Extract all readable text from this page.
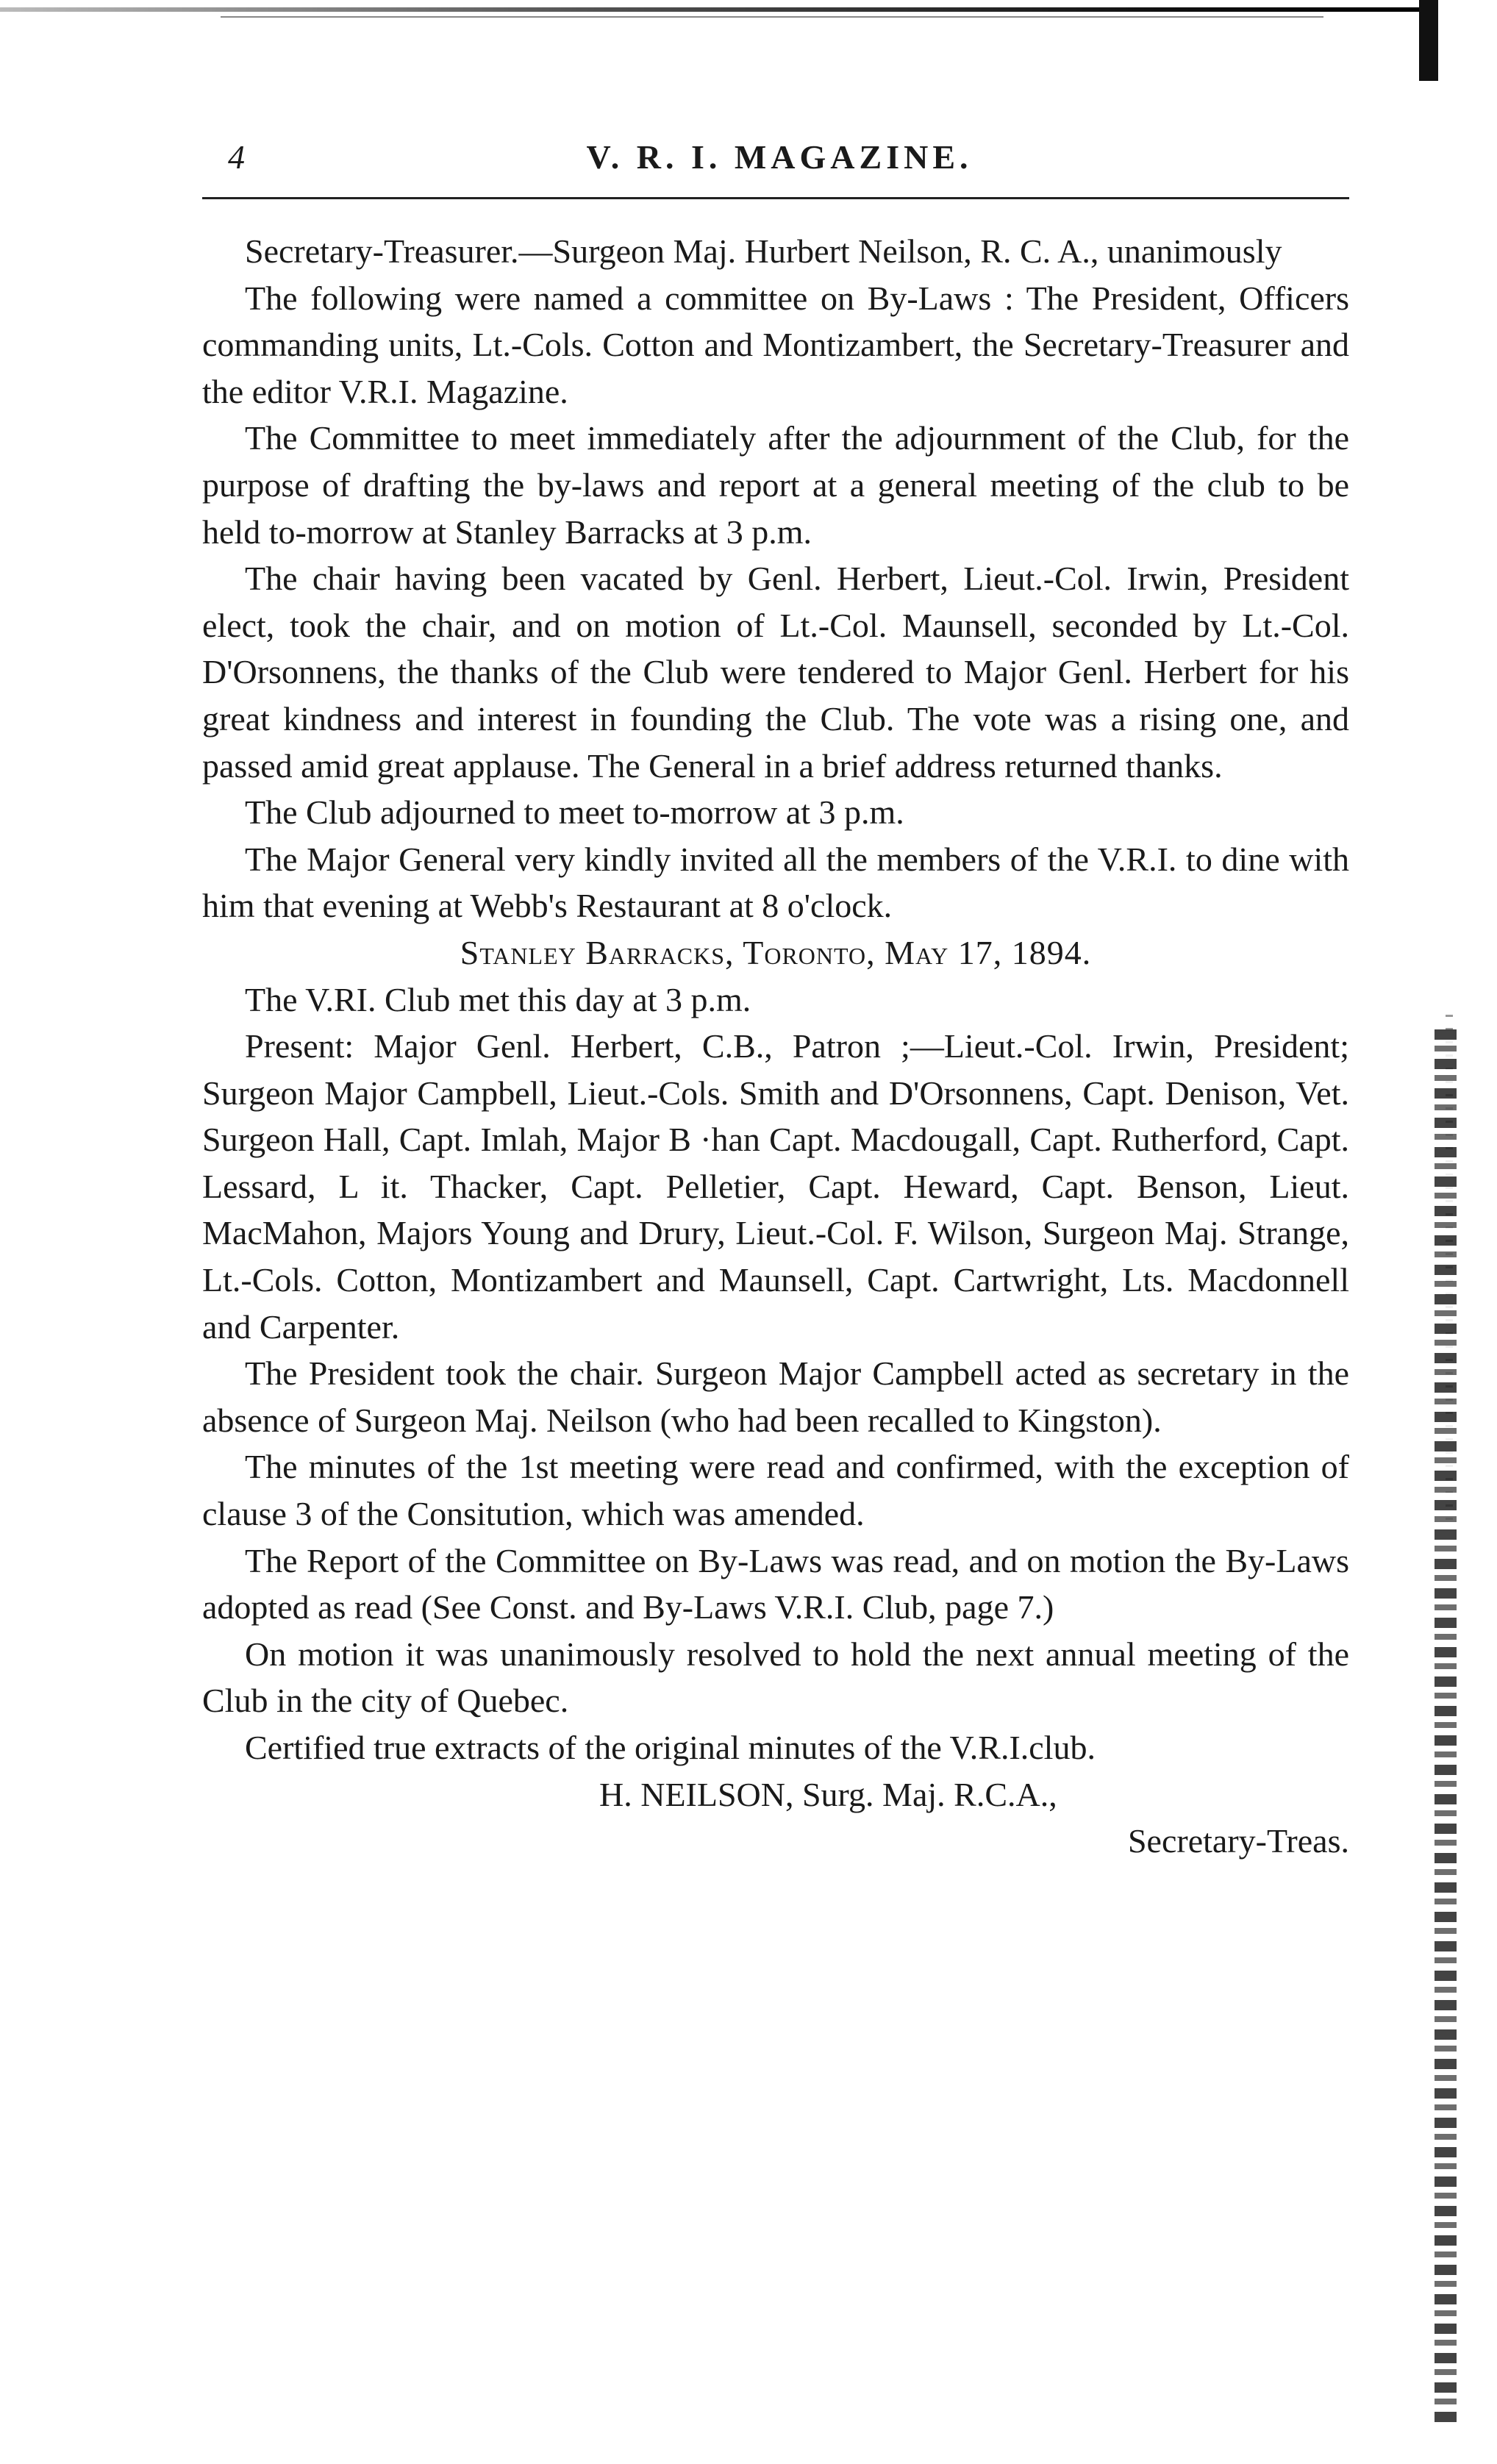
4	V. R. I. MAGAZINE.

Secretary-Treasurer.—Surgeon Maj. Hurbert Neilson, R. C. A., unanimously

The following were named a committee on By-Laws : The President, Officers commanding units, Lt.-Cols. Cotton and Montizambert, the Secretary-Treasurer and the editor V.R.I. Magazine.

The Committee to meet immediately after the adjournment of the Club, for the purpose of drafting the by-laws and report at a general meeting of the club to be held to-morrow at Stanley Barracks at 3 p.m.

The chair having been vacated by Genl. Herbert, Lieut.-Col. Irwin, President elect, took the chair, and on motion of Lt.-Col. Maunsell, seconded by Lt.-Col. D'Orsonnens, the thanks of the Club were tendered to Major Genl. Herbert for his great kindness and interest in founding the Club. The vote was a rising one, and passed amid great applause. The General in a brief address returned thanks.

The Club adjourned to meet to-morrow at 3 p.m.

The Major General very kindly invited all the members of the V.R.I. to dine with him that evening at Webb's Restaurant at 8 o'clock.

Stanley Barracks, Toronto, May 17, 1894.

The V.RI. Club met this day at 3 p.m.

Present: Major Genl. Herbert, C.B., Patron ;—Lieut.-Col. Irwin, President; Surgeon Major Campbell, Lieut.-Cols. Smith and D'Orsonnens, Capt. Denison, Vet. Surgeon Hall, Capt. Imlah, Major B ·han Capt. Macdougall, Capt. Rutherford, Capt. Lessard, L it. Thacker, Capt. Pelletier, Capt. Heward, Capt. Benson, Lieut. MacMahon, Majors Young and Drury, Lieut.-Col. F. Wilson, Surgeon Maj. Strange, Lt.-Cols. Cotton, Montizambert and Maunsell, Capt. Cartwright, Lts. Macdonnell and Carpenter.

The President took the chair. Surgeon Major Campbell acted as secretary in the absence of Surgeon Maj. Neilson (who had been recalled to Kingston).

The minutes of the 1st meeting were read and confirmed, with the exception of clause 3 of the Consitution, which was amended.

The Report of the Committee on By-Laws was read, and on motion the By-Laws adopted as read (See Const. and By-Laws V.R.I. Club, page 7.)

On motion it was unanimously resolved to hold the next annual meeting of the Club in the city of Quebec.

Certified true extracts of the original minutes of the V.R.I.club.

H. NEILSON, Surg. Maj. R.C.A.,

Secretary-Treas.
